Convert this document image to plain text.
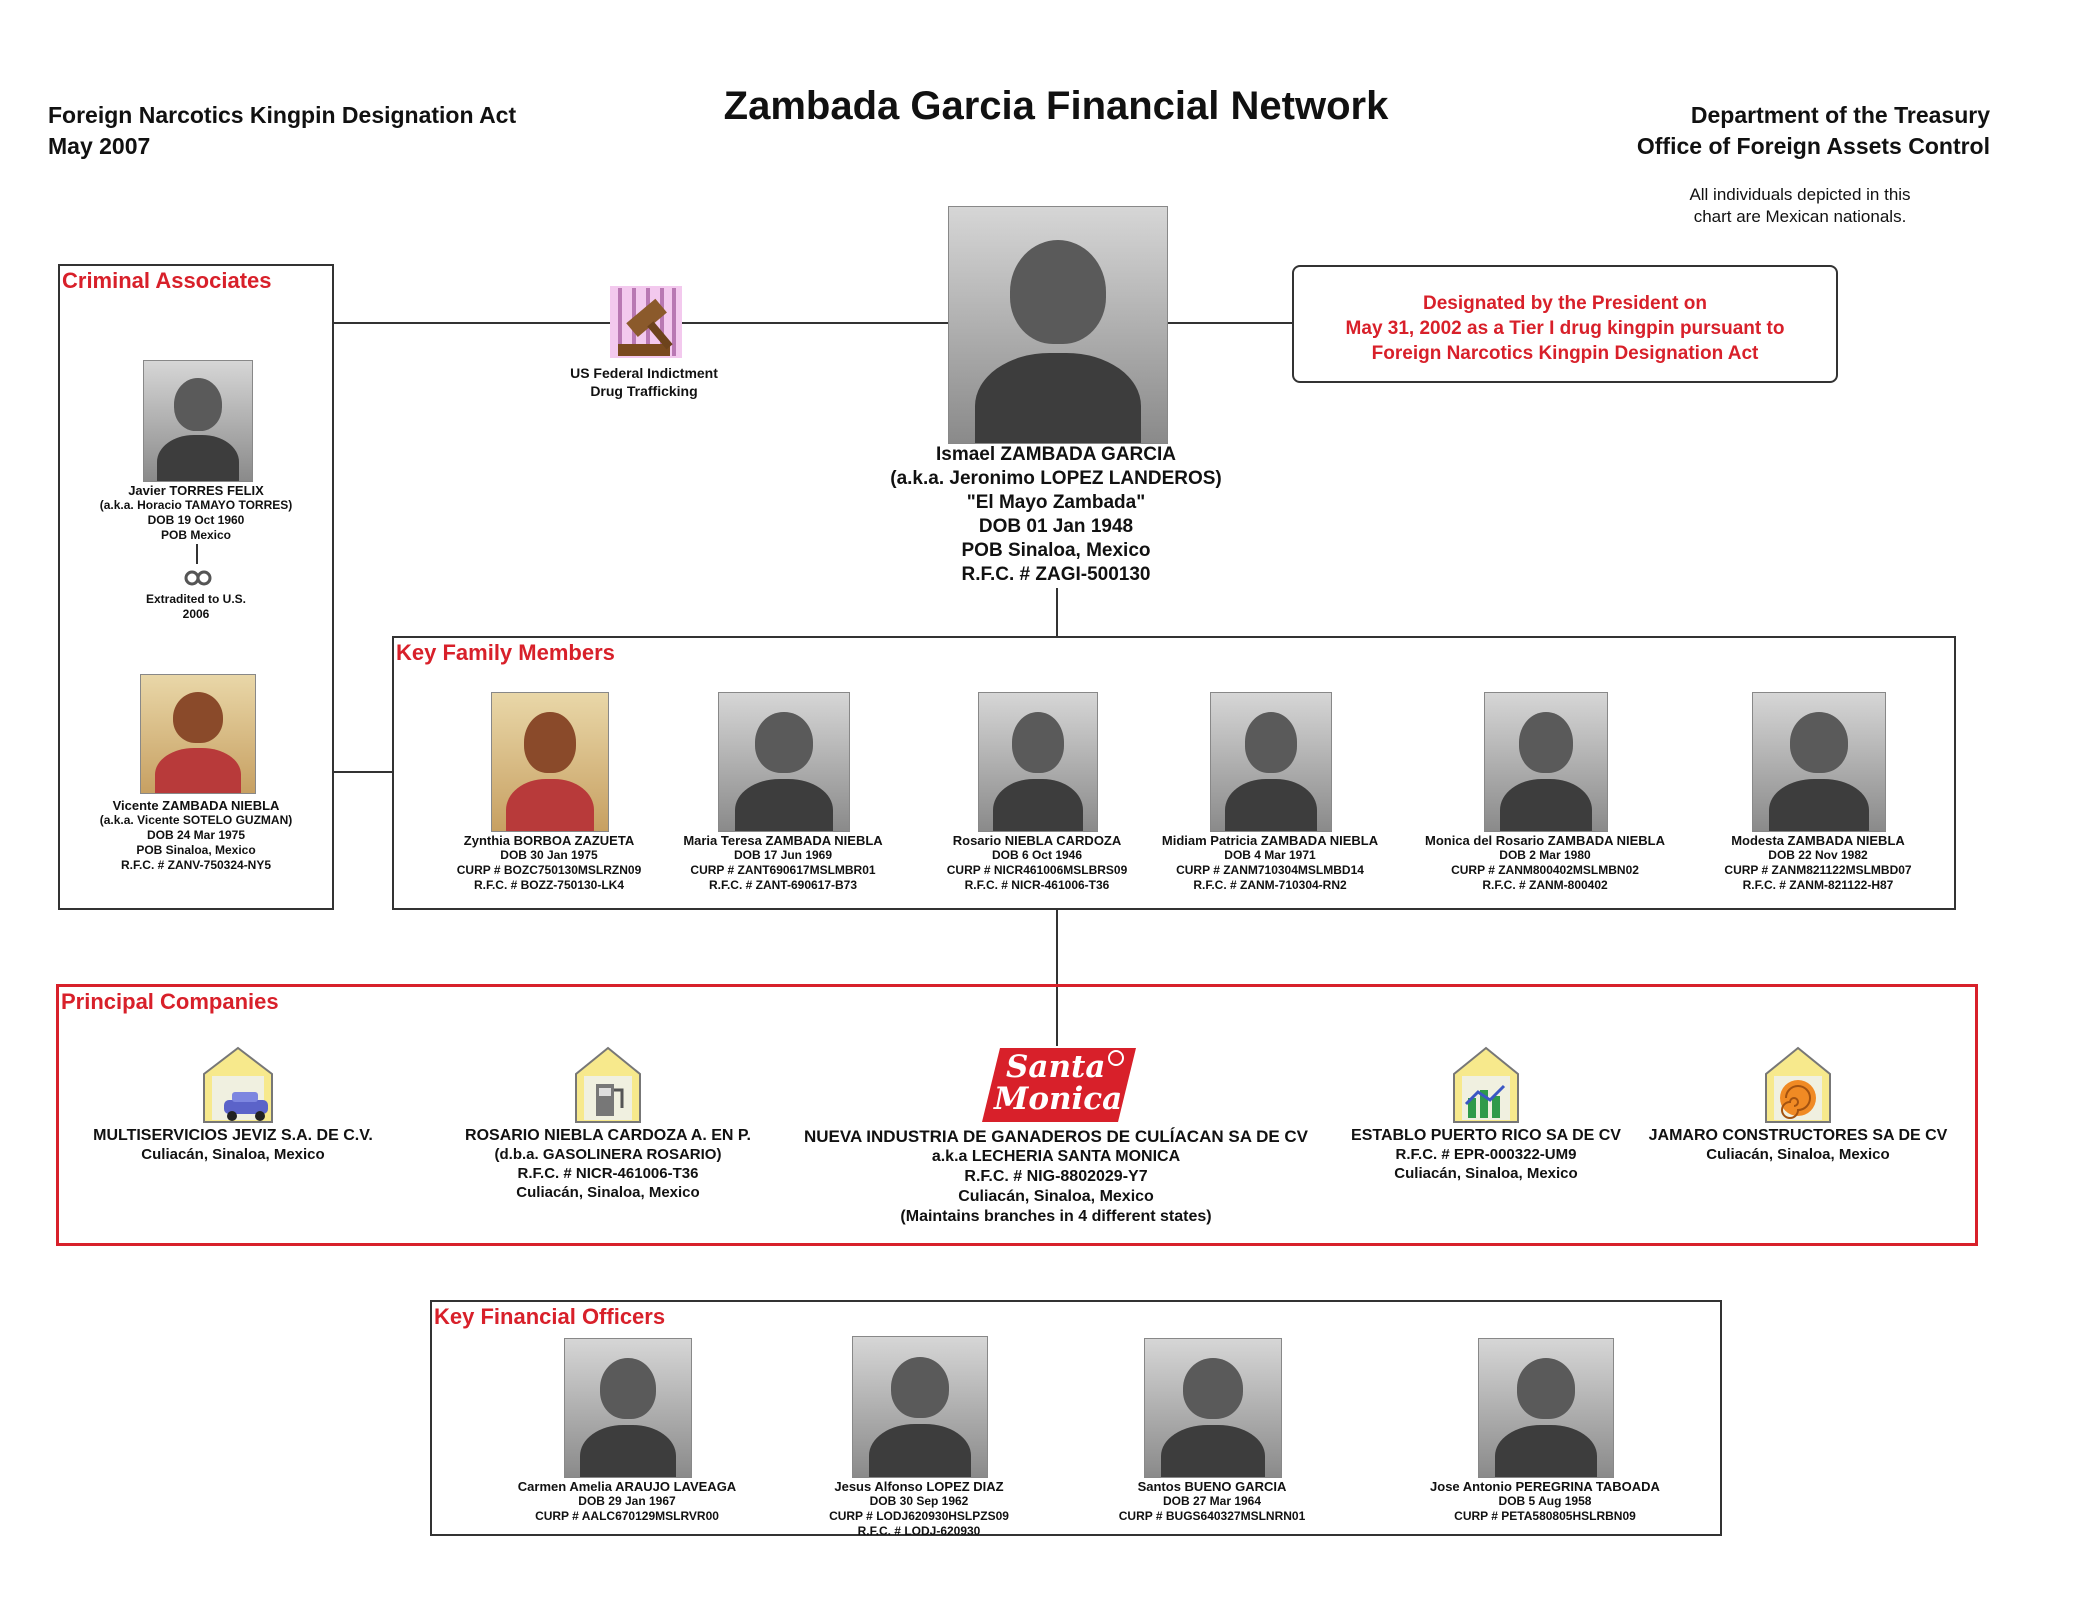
Foreign Narcotics Kingpin Designation Act
May 2007
Zambada Garcia Financial Network	Department of the Treasury
Office of Foreign Assets Control
All individuals depicted in this
chart are Mexican nationals.
US Federal Indictment
Drug Trafficking
Ismael ZAMBADA GARCIA
(a.k.a. Jeronimo LOPEZ LANDEROS)
"El Mayo Zambada"
DOB 01 Jan 1948
POB Sinaloa, Mexico
R.F.C. # ZAGI-500130
Designated by the President on
May 31, 2002 as a Tier I drug kingpin pursuant to
Foreign Narcotics Kingpin Designation Act
Criminal Associates
Javier TORRES FELIX
(a.k.a. Horacio TAMAYO TORRES)
DOB 19 Oct 1960
POB Mexico
Extradited to U.S.
2006
Vicente ZAMBADA NIEBLA
(a.k.a. Vicente SOTELO GUZMAN)
DOB 24 Mar 1975
POB Sinaloa, Mexico
R.F.C. # ZANV-750324-NY5
Key Family Members
Zynthia BORBOA ZAZUETA
DOB 30 Jan 1975
CURP # BOZC750130MSLRZN09
R.F.C. # BOZZ-750130-LK4
Maria Teresa ZAMBADA NIEBLA
DOB 17 Jun 1969
CURP # ZANT690617MSLMBR01
R.F.C. # ZANT-690617-B73
Rosario NIEBLA CARDOZA
DOB 6 Oct 1946
CURP # NICR461006MSLBRS09
R.F.C. # NICR-461006-T36
Midiam Patricia ZAMBADA NIEBLA
DOB 4 Mar 1971
CURP # ZANM710304MSLMBD14
R.F.C. # ZANM-710304-RN2
Monica del Rosario ZAMBADA NIEBLA
DOB 2 Mar 1980
CURP # ZANM800402MSLMBN02
R.F.C. # ZANM-800402
Modesta ZAMBADA NIEBLA
DOB 22 Nov 1982
CURP # ZANM821122MSLMBD07
R.F.C. # ZANM-821122-H87
Principal Companies
MULTISERVICIOS JEVIZ S.A. DE C.V.
Culiacán, Sinaloa, Mexico
ROSARIO NIEBLA CARDOZA A. EN P.
(d.b.a. GASOLINERA ROSARIO)
R.F.C. # NICR-461006-T36
Culiacán, Sinaloa, Mexico
Santa
Monica
NUEVA INDUSTRIA DE GANADEROS DE CULÍACAN SA DE CV
a.k.a LECHERIA SANTA MONICA
R.F.C. # NIG-8802029-Y7
Culiacán, Sinaloa, Mexico
(Maintains branches in 4 different states)
ESTABLO PUERTO RICO SA DE CV
R.F.C. # EPR-000322-UM9
Culiacán, Sinaloa, Mexico
JAMARO CONSTRUCTORES SA DE CV
Culiacán, Sinaloa, Mexico
Key Financial Officers
Carmen Amelia ARAUJO LAVEAGA
DOB 29 Jan 1967
CURP # AALC670129MSLRVR00
Jesus Alfonso LOPEZ DIAZ
DOB 30 Sep 1962
CURP # LODJ620930HSLPZS09
R.F.C. # LODJ-620930
Santos BUENO GARCIA
DOB 27 Mar 1964
CURP # BUGS640327MSLNRN01
Jose Antonio PEREGRINA TABOADA
DOB 5 Aug 1958
CURP # PETA580805HSLRBN09
